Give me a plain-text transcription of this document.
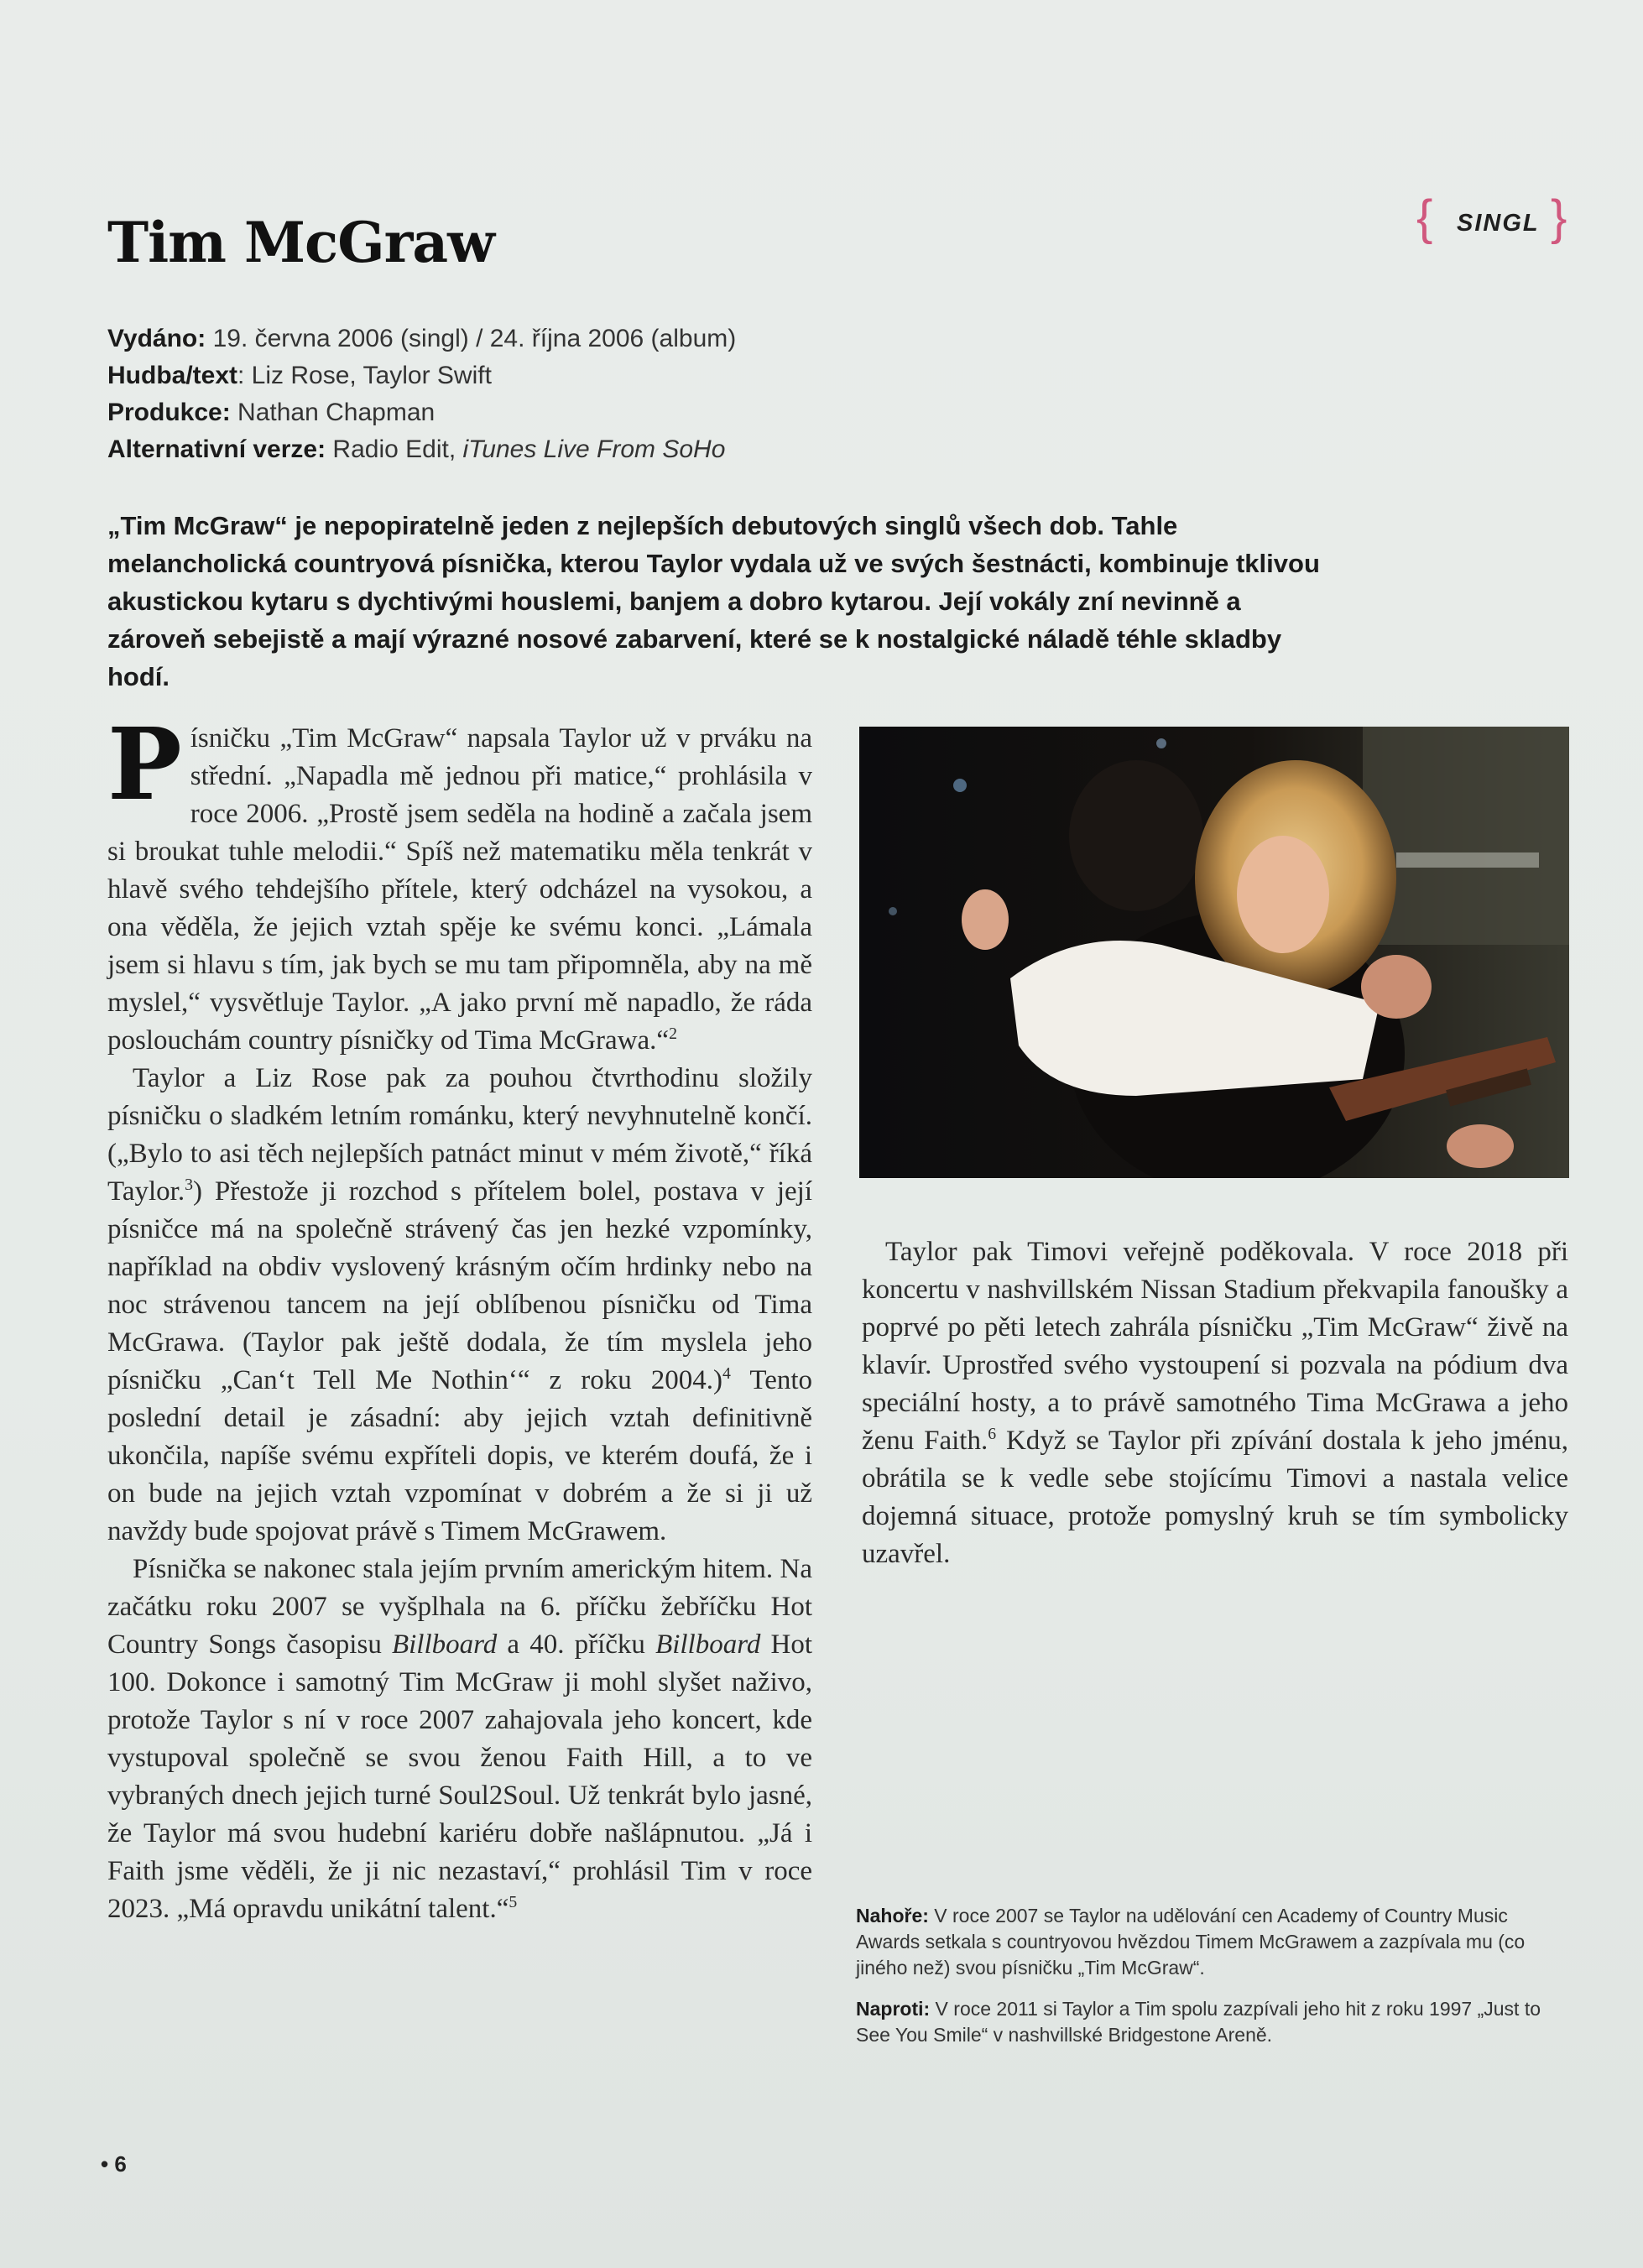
{ SINGL }
Tim McGraw
Vydáno: 19. června 2006 (singl) / 24. října 2006 (album)
Hudba/text: Liz Rose, Taylor Swift
Produkce: Nathan Chapman
Alternativní verze: Radio Edit, iTunes Live From SoHo

„Tim McGraw“ je nepopiratelně jeden z nejlepších debutových singlů všech dob. Tahle melancholická countryová písnička, kterou Taylor vydala už ve svých šestnácti, kombinuje tklivou akustickou kytaru s dychtivými houslemi, banjem a dobro kytarou. Její vokály zní nevinně a zároveň sebejistě a mají výrazné nosové zabarvení, které se k nostalgické náladě téhle skladby hodí.

Písničku „Tim McGraw“ napsala Taylor už v prváku na střední. „Napadla mě jednou při matice,“ prohlásila v roce 2006. „Prostě jsem seděla na hodině a začala jsem si broukat tuhle melodii.“ Spíš než matematiku měla tenkrát v hlavě svého tehdejšího přítele, který odcházel na vysokou, a ona věděla, že jejich vztah spěje ke svému konci. „Lámala jsem si hlavu s tím, jak bych se mu tam připomněla, aby na mě myslel,“ vysvětluje Taylor. „A jako první mě napadlo, že ráda poslouchám country písničky od Tima McGrawa.“$^2$

Taylor a Liz Rose pak za pouhou čtvrthodinu složily písničku o sladkém letním románku, který nevyhnutelně končí. („Bylo to asi těch nejlepších patnáct minut v mém životě,“ říká Taylor.$^3$) Přestože ji rozchod s přítelem bolel, postava v její písničce má na společně strávený čas jen hezké vzpomínky, například na obdiv vyslovený krásným očím hrdinky nebo na noc strávenou tancem na její oblíbenou písničku od Tima McGrawa. (Taylor pak ještě dodala, že tím myslela jeho písničku „Can‘t Tell Me Nothin‘“ z roku 2004.)$^4$ Tento poslední detail je zásadní: aby jejich vztah definitivně ukončila, napíše svému expříteli dopis, ve kterém doufá, že i on bude na jejich vztah vzpomínat v dobrém a že si ji už navždy bude spojovat právě s Timem McGrawem.

Písnička se nakonec stala jejím prvním americkým hitem. Na začátku roku 2007 se vyšplhala na 6. příčku žebříčku Hot Country Songs časopisu Billboard a 40. příčku Billboard Hot 100. Dokonce i samotný Tim McGraw ji mohl slyšet naživo, protože Taylor s ní v roce 2007 zahajovala jeho koncert, kde vystupoval společně se svou ženou Faith Hill, a to ve vybraných dnech jejich turné Soul2Soul. Už tenkrát bylo jasné, že Taylor má svou hudební kariéru dobře našlápnutou. „Já i Faith jsme věděli, že ji nic nezastaví,“ prohlásil Tim v roce 2023. „Má opravdu unikátní talent.“$^5$

Taylor pak Timovi veřejně poděkovala. V roce 2018 při koncertu v nashvillském Nissan Stadium překvapila fanoušky a poprvé po pěti letech zahrála písničku „Tim McGraw“ živě na klavír. Uprostřed svého vystoupení si pozvala na pódium dva speciální hosty, a to právě samotného Tima McGrawa a jeho ženu Faith.$^6$ Když se Taylor při zpívání dostala k jeho jménu, obrátila se k vedle sebe stojícímu Timovi a nastala velice dojemná situace, protože pomyslný kruh se tím symbolicky uzavřel.

Nahoře: V roce 2007 se Taylor na udělování cen Academy of Country Music Awards setkala s countryovou hvězdou Timem McGrawem a zazpívala mu (co jiného než) svou písničku „Tim McGraw“.

Naproti: V roce 2011 si Taylor a Tim spolu zazpívali jeho hit z roku 1997 „Just to See You Smile“ v nashvillské Bridgestone Areně.

• 6
